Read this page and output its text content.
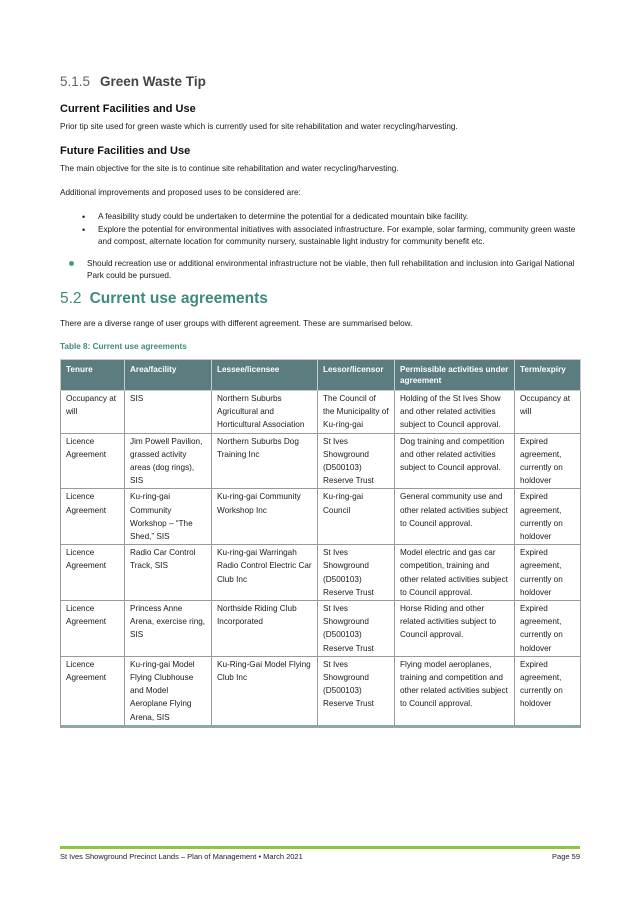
5.1.5 Green Waste Tip
Current Facilities and Use

Prior tip site used for green waste which is currently used for site rehabilitation and water recycling/harvesting.

Future Facilities and Use

The main objective for the site is to continue site rehabilitation and water recycling/harvesting.

Additional improvements and proposed uses to be considered are:

• A feasibility study could be undertaken to determine the potential for a dedicated mountain bike facility.
• Explore the potential for environmental initiatives with associated infrastructure. For example, solar farming, community green waste and compost, alternate location for community nursery, sustainable light industry for community benefit etc.
Should recreation use or additional environmental infrastructure not be viable, then full rehabilitation and inclusion into Garigal National Park could be pursued.
5.2 Current use agreements

There are a diverse range of user groups with different agreement. These are summarised below.

Table 8: Current use agreements
Tenure	Area/facility	Lessee/licensee	Lessor/licensor	Permissible activities under agreement	Term/expiry
Occupancy at will	SIS	Northern Suburbs Agricultural and Horticultural Association	The Council of the Municipality of Ku-ring-gai	Holding of the St Ives Show and other related activities subject to Council approval.	Occupancy at will
Licence Agreement	Jim Powell Pavilion, grassed activity areas (dog rings), SIS	Northern Suburbs Dog Training Inc	St Ives Showground (D500103) Reserve Trust	Dog training and competition and other related activities subject to Council approval.	Expired agreement, currently on holdover
Licence Agreement	Ku-ring-gai Community Workshop – “The Shed,” SIS	Ku-ring-gai Community Workshop Inc	Ku-ring-gai Council	General community use and other related activities subject to Council approval.	Expired agreement, currently on holdover
Licence Agreement	Radio Car Control Track, SIS	Ku-ring-gai Warringah Radio Control Electric Car Club Inc	St Ives Showground (D500103) Reserve Trust	Model electric and gas car competition, training and other related activities subject to Council approval.	Expired agreement, currently on holdover
Licence Agreement	Princess Anne Arena, exercise ring, SIS	Northside Riding Club Incorporated	St Ives Showground (D500103) Reserve Trust	Horse Riding and other related activities subject to Council approval.	Expired agreement, currently on holdover
Licence Agreement	Ku-ring-gai Model Flying Clubhouse and Model Aeroplane Flying Arena, SIS	Ku-Ring-Gai Model Flying Club Inc	St Ives Showground (D500103) Reserve Trust	Flying model aeroplanes, training and competition and other related activities subject to Council approval.	Expired agreement, currently on holdover
St Ives Showground Precinct Lands – Plan of Management • March 2021	Page 59
